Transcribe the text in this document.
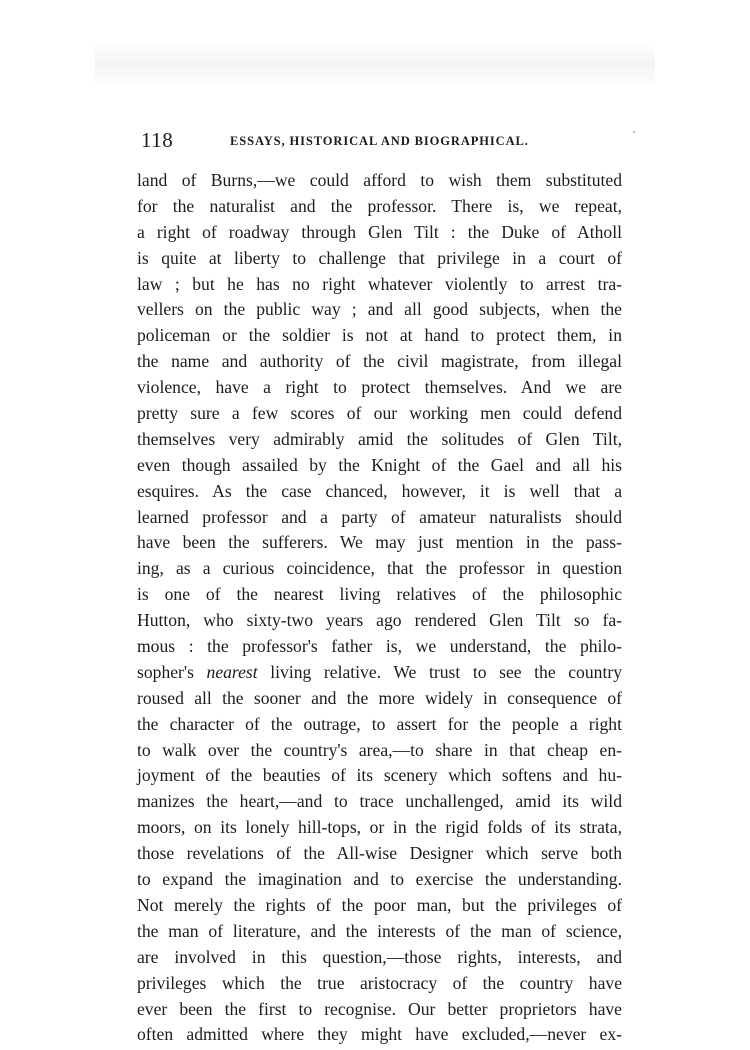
118	ESSAYS, HISTORICAL AND BIOGRAPHICAL.
land of Burns,—we could afford to wish them substituted
for the naturalist and the professor. There is, we repeat,
a right of roadway through Glen Tilt : the Duke of Atholl
is quite at liberty to challenge that privilege in a court of
law ; but he has no right whatever violently to arrest tra-
vellers on the public way ; and all good subjects, when the
policeman or the soldier is not at hand to protect them, in
the name and authority of the civil magistrate, from illegal
violence, have a right to protect themselves. And we are
pretty sure a few scores of our working men could defend
themselves very admirably amid the solitudes of Glen Tilt,
even though assailed by the Knight of the Gael and all his
esquires. As the case chanced, however, it is well that a
learned professor and a party of amateur naturalists should
have been the sufferers. We may just mention in the pass-
ing, as a curious coincidence, that the professor in question
is one of the nearest living relatives of the philosophic
Hutton, who sixty-two years ago rendered Glen Tilt so fa-
mous : the professor's father is, we understand, the philo-
sopher's nearest living relative. We trust to see the country
roused all the sooner and the more widely in consequence of
the character of the outrage, to assert for the people a right
to walk over the country's area,—to share in that cheap en-
joyment of the beauties of its scenery which softens and hu-
manizes the heart,—and to trace unchallenged, amid its wild
moors, on its lonely hill-tops, or in the rigid folds of its strata,
those revelations of the All-wise Designer which serve both
to expand the imagination and to exercise the understanding.
Not merely the rights of the poor man, but the privileges of
the man of literature, and the interests of the man of science,
are involved in this question,—those rights, interests, and
privileges which the true aristocracy of the country have
ever been the first to recognise. Our better proprietors have
often admitted where they might have excluded,—never ex-
